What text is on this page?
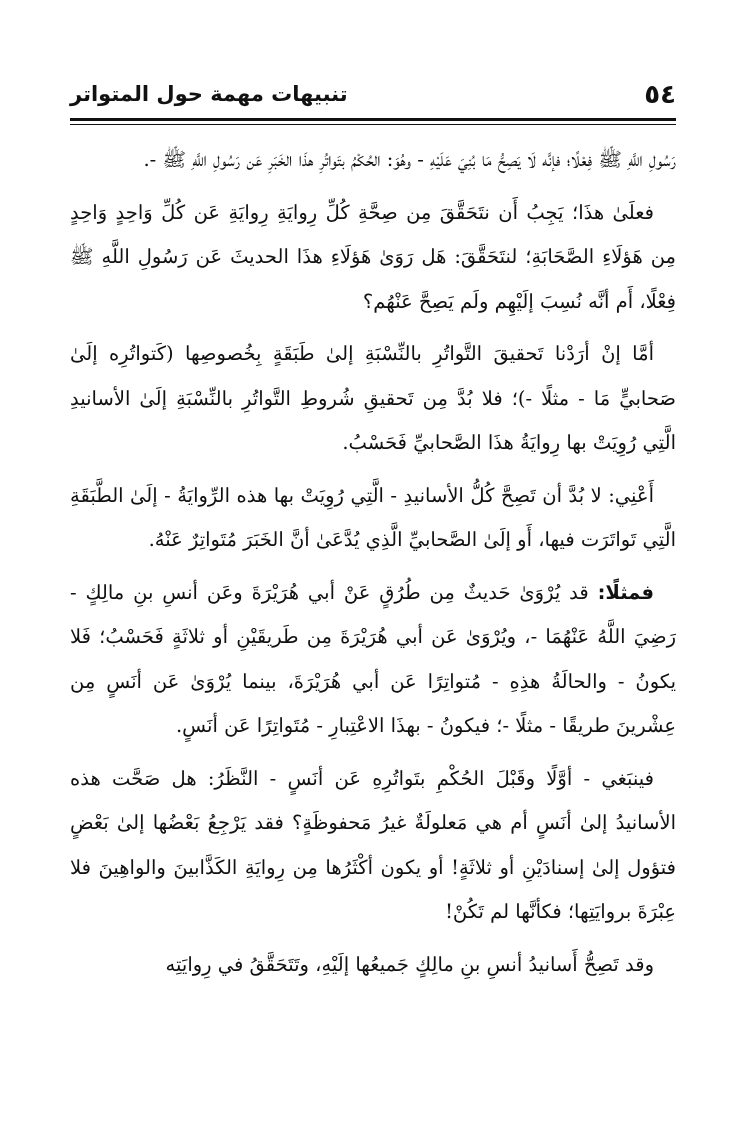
٥٤
تنبيهات مهمة حول المتواتر

رَسُولِ اللَّهِ ﷺ فِعْلًا؛ فإنَّه لَا يَصِحُّ مَا بُنِيَ عَلَيْهِ - وهُوَ: الحُكْمُ بتَواتُرِ هذَا الخَبَرِ عَن رَسُولِ اللَّهِ ﷺ -.

فعلَىٰ هذَا؛ يَجِبُ أَن نتَحَقَّقَ مِن صِحَّةِ كُلِّ رِوايَةِ رِوايَةِ عَن كُلِّ وَاحِدٍ وَاحِدٍ مِن هَؤلَاءِ الصَّحَابَةِ؛ لنتَحَقَّقَ: هَل رَوَىٰ هَؤلَاءِ هذَا الحديثَ عَن رَسُولِ اللَّهِ ﷺ فِعْلًا، أَم أنَّه نُسِبَ إلَيْهِم ولَم يَصِحَّ عَنْهُم؟

أمَّا إنْ أرَدْنا تَحقيقَ التَّواتُرِ بالنِّسْبَةِ إلىٰ طَبَقَةٍ بِخُصوصِها (كَتواتُرِه إلَىٰ صَحابيٍّ مَا - مثلًا -)؛ فلا بُدَّ مِن تَحقيقِ شُروطِ التَّواتُرِ بالنِّسْبَةِ إلَىٰ الأسانيدِ الَّتِي رُوِيَتْ بها رِوايَةُ هذَا الصَّحابيِّ فَحَسْبُ.

أَعْنِي: لا بُدَّ أن تَصِحَّ كُلُّ الأسانيدِ - الَّتِي رُوِيَتْ بها هذه الرِّوايَةُ - إلَىٰ الطَّبَقَةِ الَّتِي تَواتَرَت فيها، أَو إلَىٰ الصَّحابيِّ الَّذِي يُدَّعَىٰ أنَّ الخَبَرَ مُتَواتِرٌ عَنْهُ.

فمثلًا: قد يُرْوَىٰ حَديثٌ مِن طُرُقٍ عَنْ أبي هُرَيْرَةَ وعَن أنسِ بنِ مالِكٍ - رَضِيَ اللَّهُ عَنْهُمَا -، ويُرْوَىٰ عَن أبي هُرَيْرَةَ مِن طَريقَيْنِ أو ثلاثَةٍ فَحَسْبُ؛ فَلا يكونُ - والحالَةُ هذِهِ - مُتواتِرًا عَن أبي هُرَيْرَةَ، بينما يُرْوَىٰ عَن أنَسٍ مِن عِشْرينَ طريقًا - مثلًا -؛ فيكونُ - بهذَا الاعْتِبارِ - مُتَواتِرًا عَن أنَسٍ.

فينبَغي - أوَّلًا وقَبْلَ الحُكْمِ بتَواتُرِهِ عَن أنَسٍ - النَّظَرُ: هل صَحَّت هذه الأسانيدُ إلىٰ أنَسٍ أم هي مَعلولَةٌ غيرُ مَحفوظَةٍ؟ فقد يَرْجِعُ بَعْضُها إلىٰ بَعْضٍ فتؤول إلىٰ إسنادَيْنِ أو ثلاثَةٍ! أو يكون أكْثَرُها مِن رِوايَةِ الكَذَّابينَ والواهِينَ فلا عِبْرَةَ بروايَتِها؛ فكأنَّها لم تَكُنْ!

وقد تَصِحُّ أَسانيدُ أنسِ بنِ مالِكٍ جَميعُها إلَيْهِ، وتَتَحَقَّقُ في رِوايَتِه
